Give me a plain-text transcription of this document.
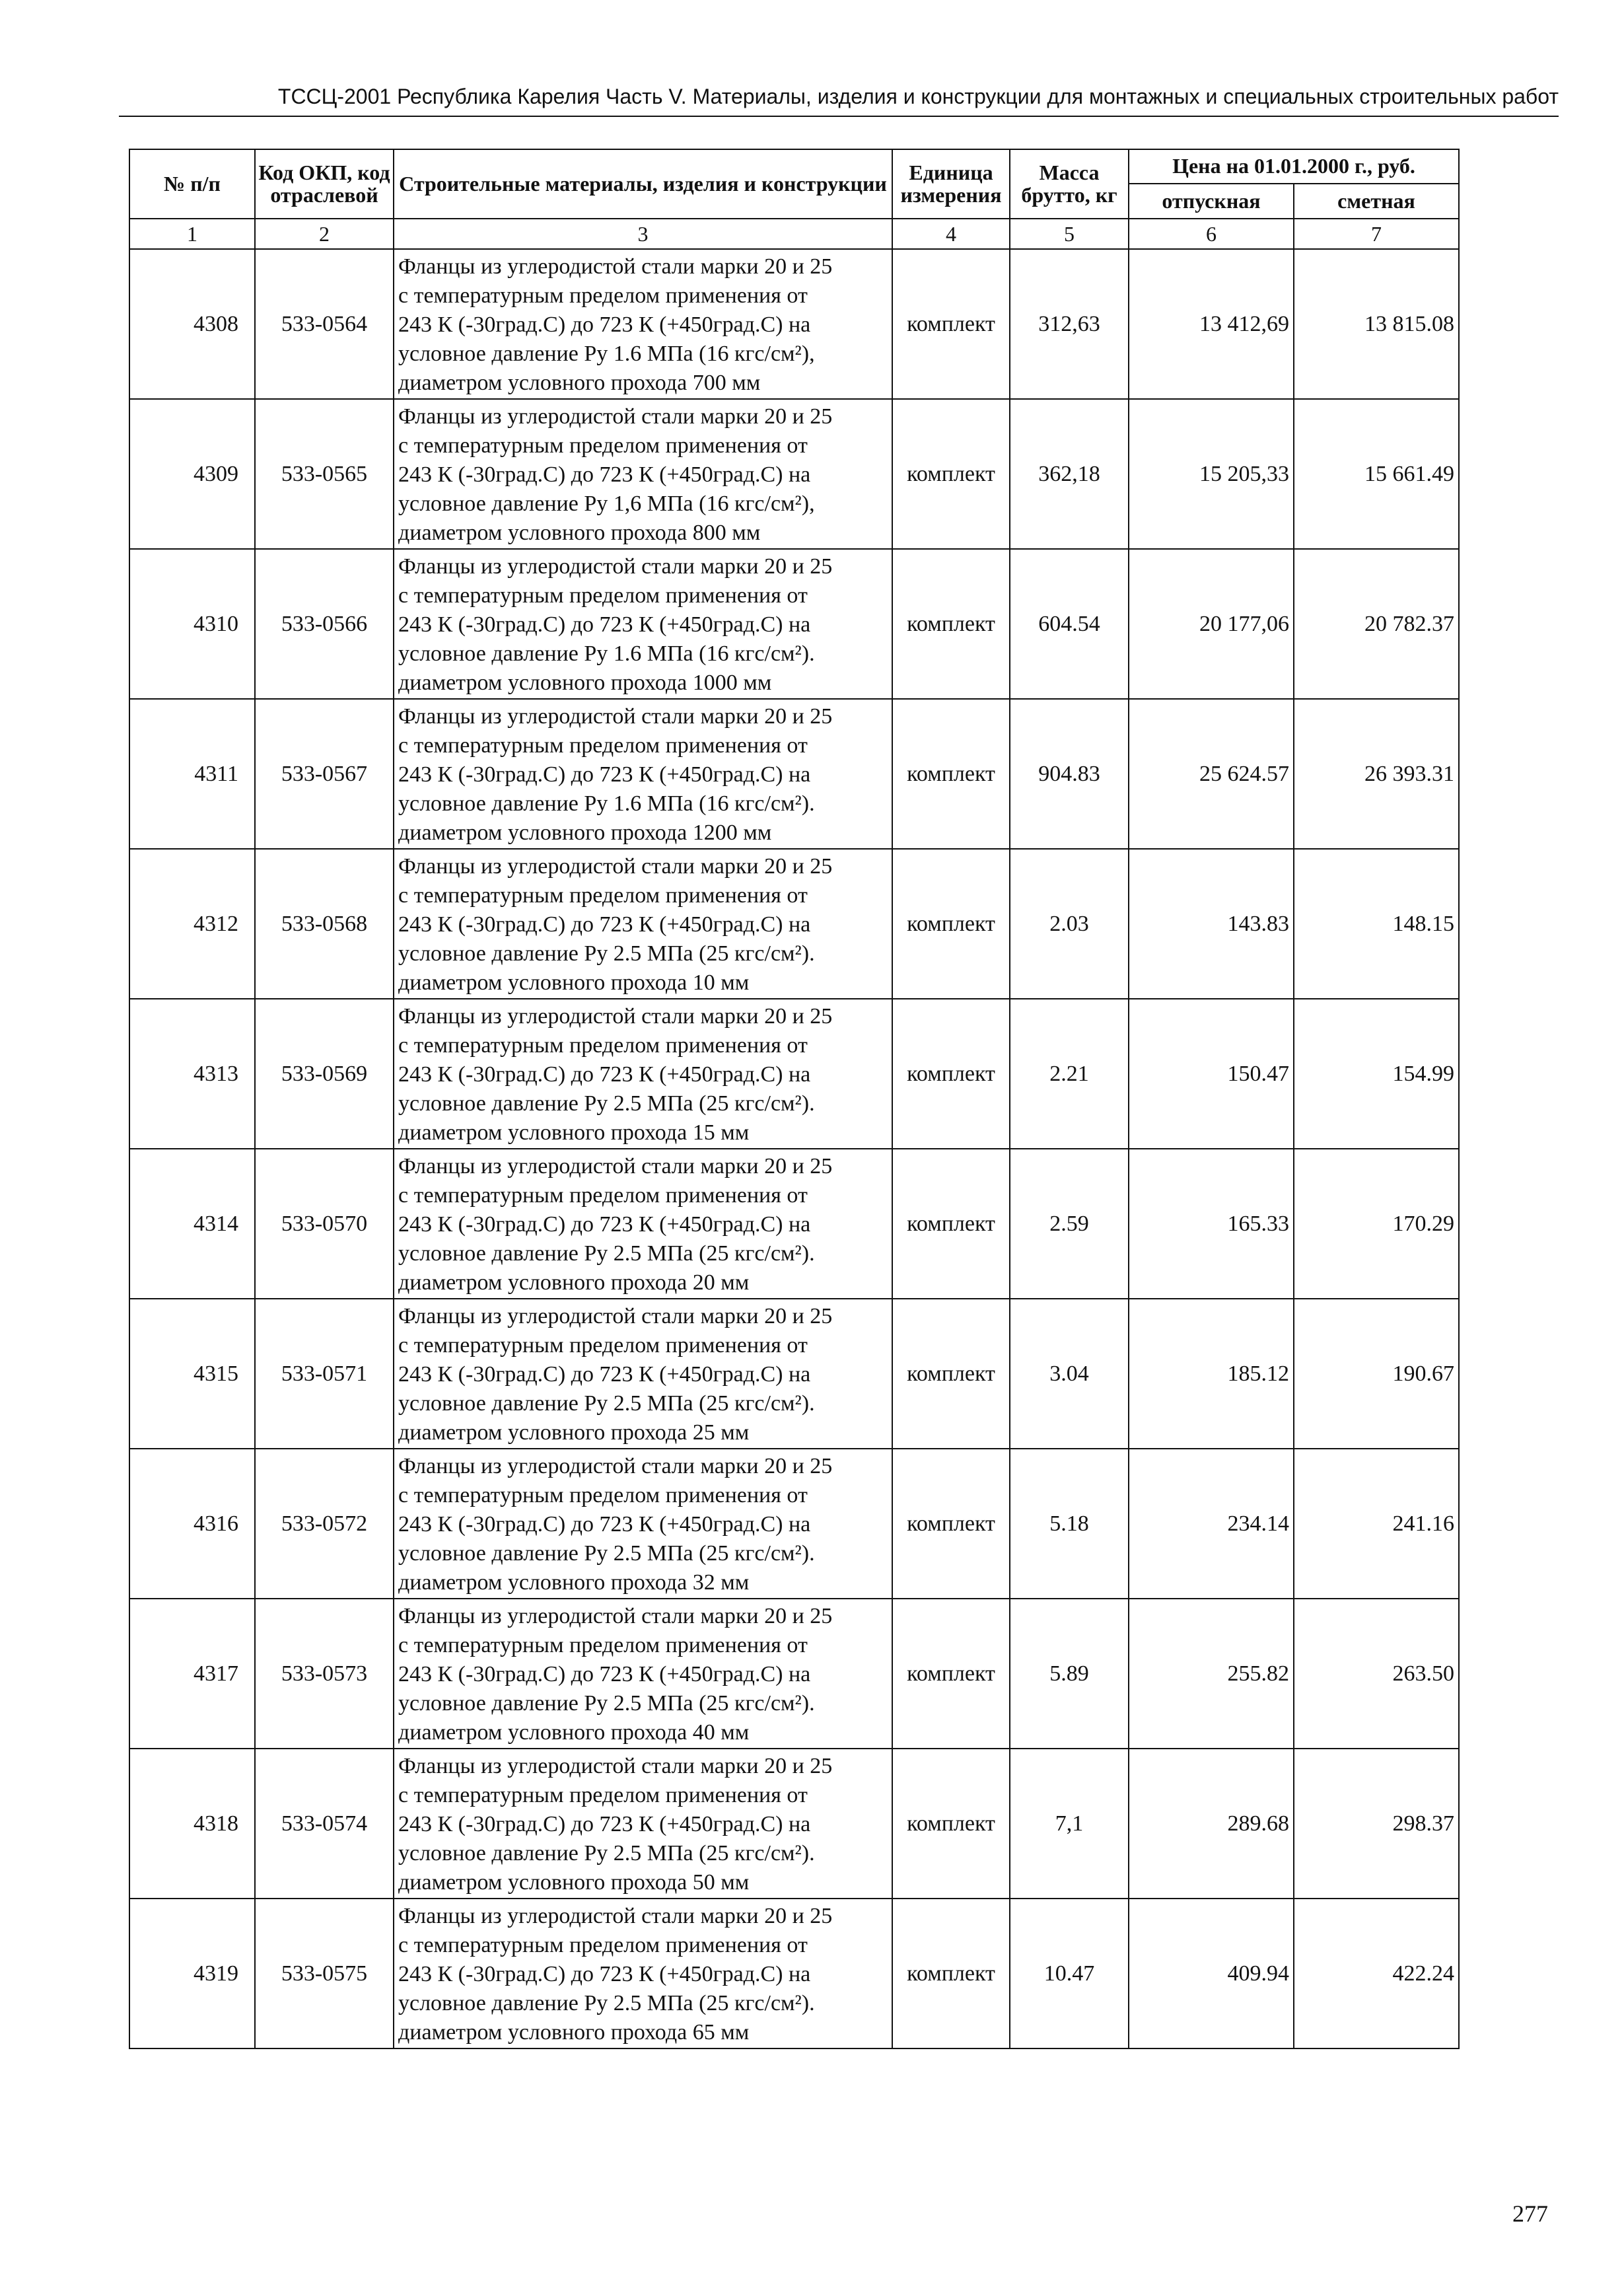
ТССЦ-2001 Республика Карелия Часть V. Материалы, изделия и конструкции для монтажных и специальных строительных работ
№ п/п	Код ОКП, код отраслевой	Строительные материалы, изделия и конструкции	Единица измерения	Масса брутто, кг	Цена на 01.01.2000 г., руб.	
					отпускная	сметная
1	2	3	4	5	6	7
4308	533-0564	Фланцы из углеродистой стали марки 20 и 25
с температурным пределом применения от
243 К (-30град.С) до 723 К (+450град.С) на
условное давление Ру 1.6 МПа (16 кгс/см²),
диаметром условного прохода 700 мм	комплект	312,63	13 412,69	13 815.08
4309	533-0565	Фланцы из углеродистой стали марки 20 и 25
с температурным пределом применения от
243 К (-30град.С) до 723 К (+450град.С) на
условное давление Ру 1,6 МПа (16 кгс/см²),
диаметром условного прохода 800 мм	комплект	362,18	15 205,33	15 661.49
4310	533-0566	Фланцы из углеродистой стали марки 20 и 25
с температурным пределом применения от
243 К (-30град.С) до 723 К (+450град.С) на
условное давление Ру 1.6 МПа (16 кгс/см²).
диаметром условного прохода 1000 мм	комплект	604.54	20 177,06	20 782.37
4311	533-0567	Фланцы из углеродистой стали марки 20 и 25
с температурным пределом применения от
243 К (-30град.С) до 723 К (+450град.С) на
условное давление Ру 1.6 МПа (16 кгс/см²).
диаметром условного прохода 1200 мм	комплект	904.83	25 624.57	26 393.31
4312	533-0568	Фланцы из углеродистой стали марки 20 и 25
с температурным пределом применения от
243 К (-30град.С) до 723 К (+450град.С) на
условное давление Ру 2.5 МПа (25 кгс/см²).
диаметром условного прохода 10 мм	комплект	2.03	143.83	148.15
4313	533-0569	Фланцы из углеродистой стали марки 20 и 25
с температурным пределом применения от
243 К (-30град.С) до 723 К (+450град.С) на
условное давление Ру 2.5 МПа (25 кгс/см²).
диаметром условного прохода 15 мм	комплект	2.21	150.47	154.99
4314	533-0570	Фланцы из углеродистой стали марки 20 и 25
с температурным пределом применения от
243 К (-30град.С) до 723 К (+450град.С) на
условное давление Ру 2.5 МПа (25 кгс/см²).
диаметром условного прохода 20 мм	комплект	2.59	165.33	170.29
4315	533-0571	Фланцы из углеродистой стали марки 20 и 25
с температурным пределом применения от
243 К (-30град.С) до 723 К (+450град.С) на
условное давление Ру 2.5 МПа (25 кгс/см²).
диаметром условного прохода 25 мм	комплект	3.04	185.12	190.67
4316	533-0572	Фланцы из углеродистой стали марки 20 и 25
с температурным пределом применения от
243 К (-30град.С) до 723 К (+450град.С) на
условное давление Ру 2.5 МПа (25 кгс/см²).
диаметром условного прохода 32 мм	комплект	5.18	234.14	241.16
4317	533-0573	Фланцы из углеродистой стали марки 20 и 25
с температурным пределом применения от
243 К (-30град.С) до 723 К (+450град.С) на
условное давление Ру 2.5 МПа (25 кгс/см²).
диаметром условного прохода 40 мм	комплект	5.89	255.82	263.50
4318	533-0574	Фланцы из углеродистой стали марки 20 и 25
с температурным пределом применения от
243 К (-30град.С) до 723 К (+450град.С) на
условное давление Ру 2.5 МПа (25 кгс/см²).
диаметром условного прохода 50 мм	комплект	7,1	289.68	298.37
4319	533-0575	Фланцы из углеродистой стали марки 20 и 25
с температурным пределом применения от
243 К (-30град.С) до 723 К (+450град.С) на
условное давление Ру 2.5 МПа (25 кгс/см²).
диаметром условного прохода 65 мм	комплект	10.47	409.94	422.24
277
